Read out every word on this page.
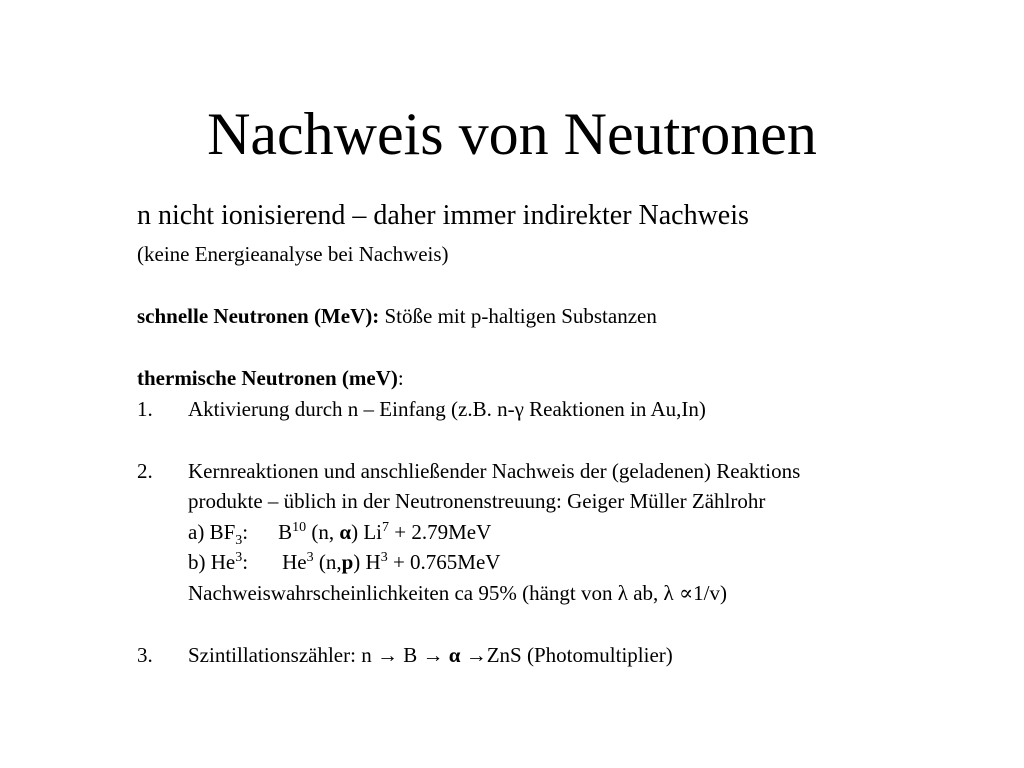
Nachweis von Neutronen
n nicht ionisierend – daher immer indirekter Nachweis
(keine Energieanalyse bei Nachweis)
schnelle Neutronen (MeV): Stöße mit p-haltigen Substanzen
thermische Neutronen (meV):
1. Aktivierung durch n – Einfang (z.B. n-γ Reaktionen in Au,In)
2. Kernreaktionen und anschließender Nachweis der (geladenen) Reaktions
produkte – üblich in der Neutronenstreuung: Geiger Müller Zählrohr
a) $BF_3$: $B^{10}$ (n, α) $Li^7 + 2.79MeV$
b) He$^3$: He$^3$ (n,p) $H^3 + 0.765MeV$
Nachweiswahrscheinlichkeiten ca 95% (hängt von λ ab, λ ∝1/v)
3. Szintillationszähler: n → B → α →ZnS (Photomultiplier)
